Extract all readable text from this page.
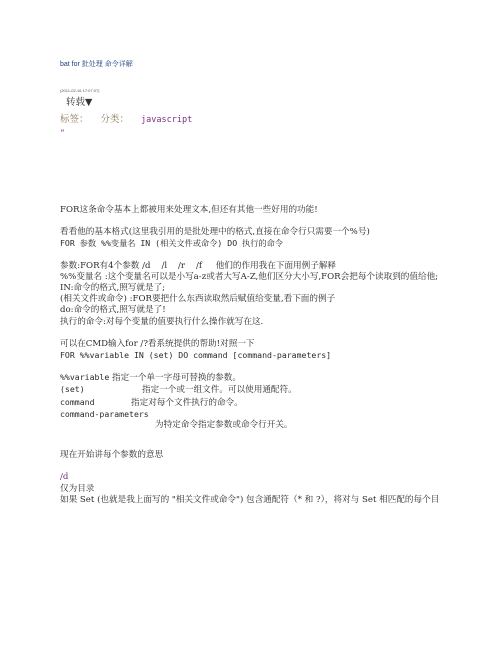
bat for 批处理 命令详解
(2011-02-16 17:07:07)
转载▼
标签： 分类： javascript
“

FOR这条命令基本上都被用来处理文本,但还有其他一些好用的功能!

看看他的基本格式(这里我引用的是批处理中的格式,直接在命令行只需要一个%号)

FOR 参数 %%变量名 IN (相关文件或命令) DO 执行的命令

参数:FOR有4个参数 /d    /l    /r    /f     他们的作用我在下面用例子解释

%%变量名 :这个变量名可以是小写a-z或者大写A-Z,他们区分大小写,FOR会把每个读取到的值给他;

IN:命令的格式,照写就是了;

(相关文件或命令) :FOR要把什么东西读取然后赋值给变量,看下面的例子

do:命令的格式,照写就是了!

执行的命令:对每个变量的值要执行什么操作就写在这.

可以在CMD输入for /?看系统提供的帮助!对照一下

FOR %%variable IN (set) DO command [command-parameters]

%%variable 指定一个单一字母可替换的参数。

(set)	指定一个或一组文件。可以使用通配符。

command	指定对每个文件执行的命令。

command-parameters

为特定命令指定参数或命令行开关。

现在开始讲每个参数的意思

/d

仅为目录

如果 Set (也就是我上面写的 "相关文件或命令") 包含通配符（* 和 ?），将对与 Set 相匹配的每个目
